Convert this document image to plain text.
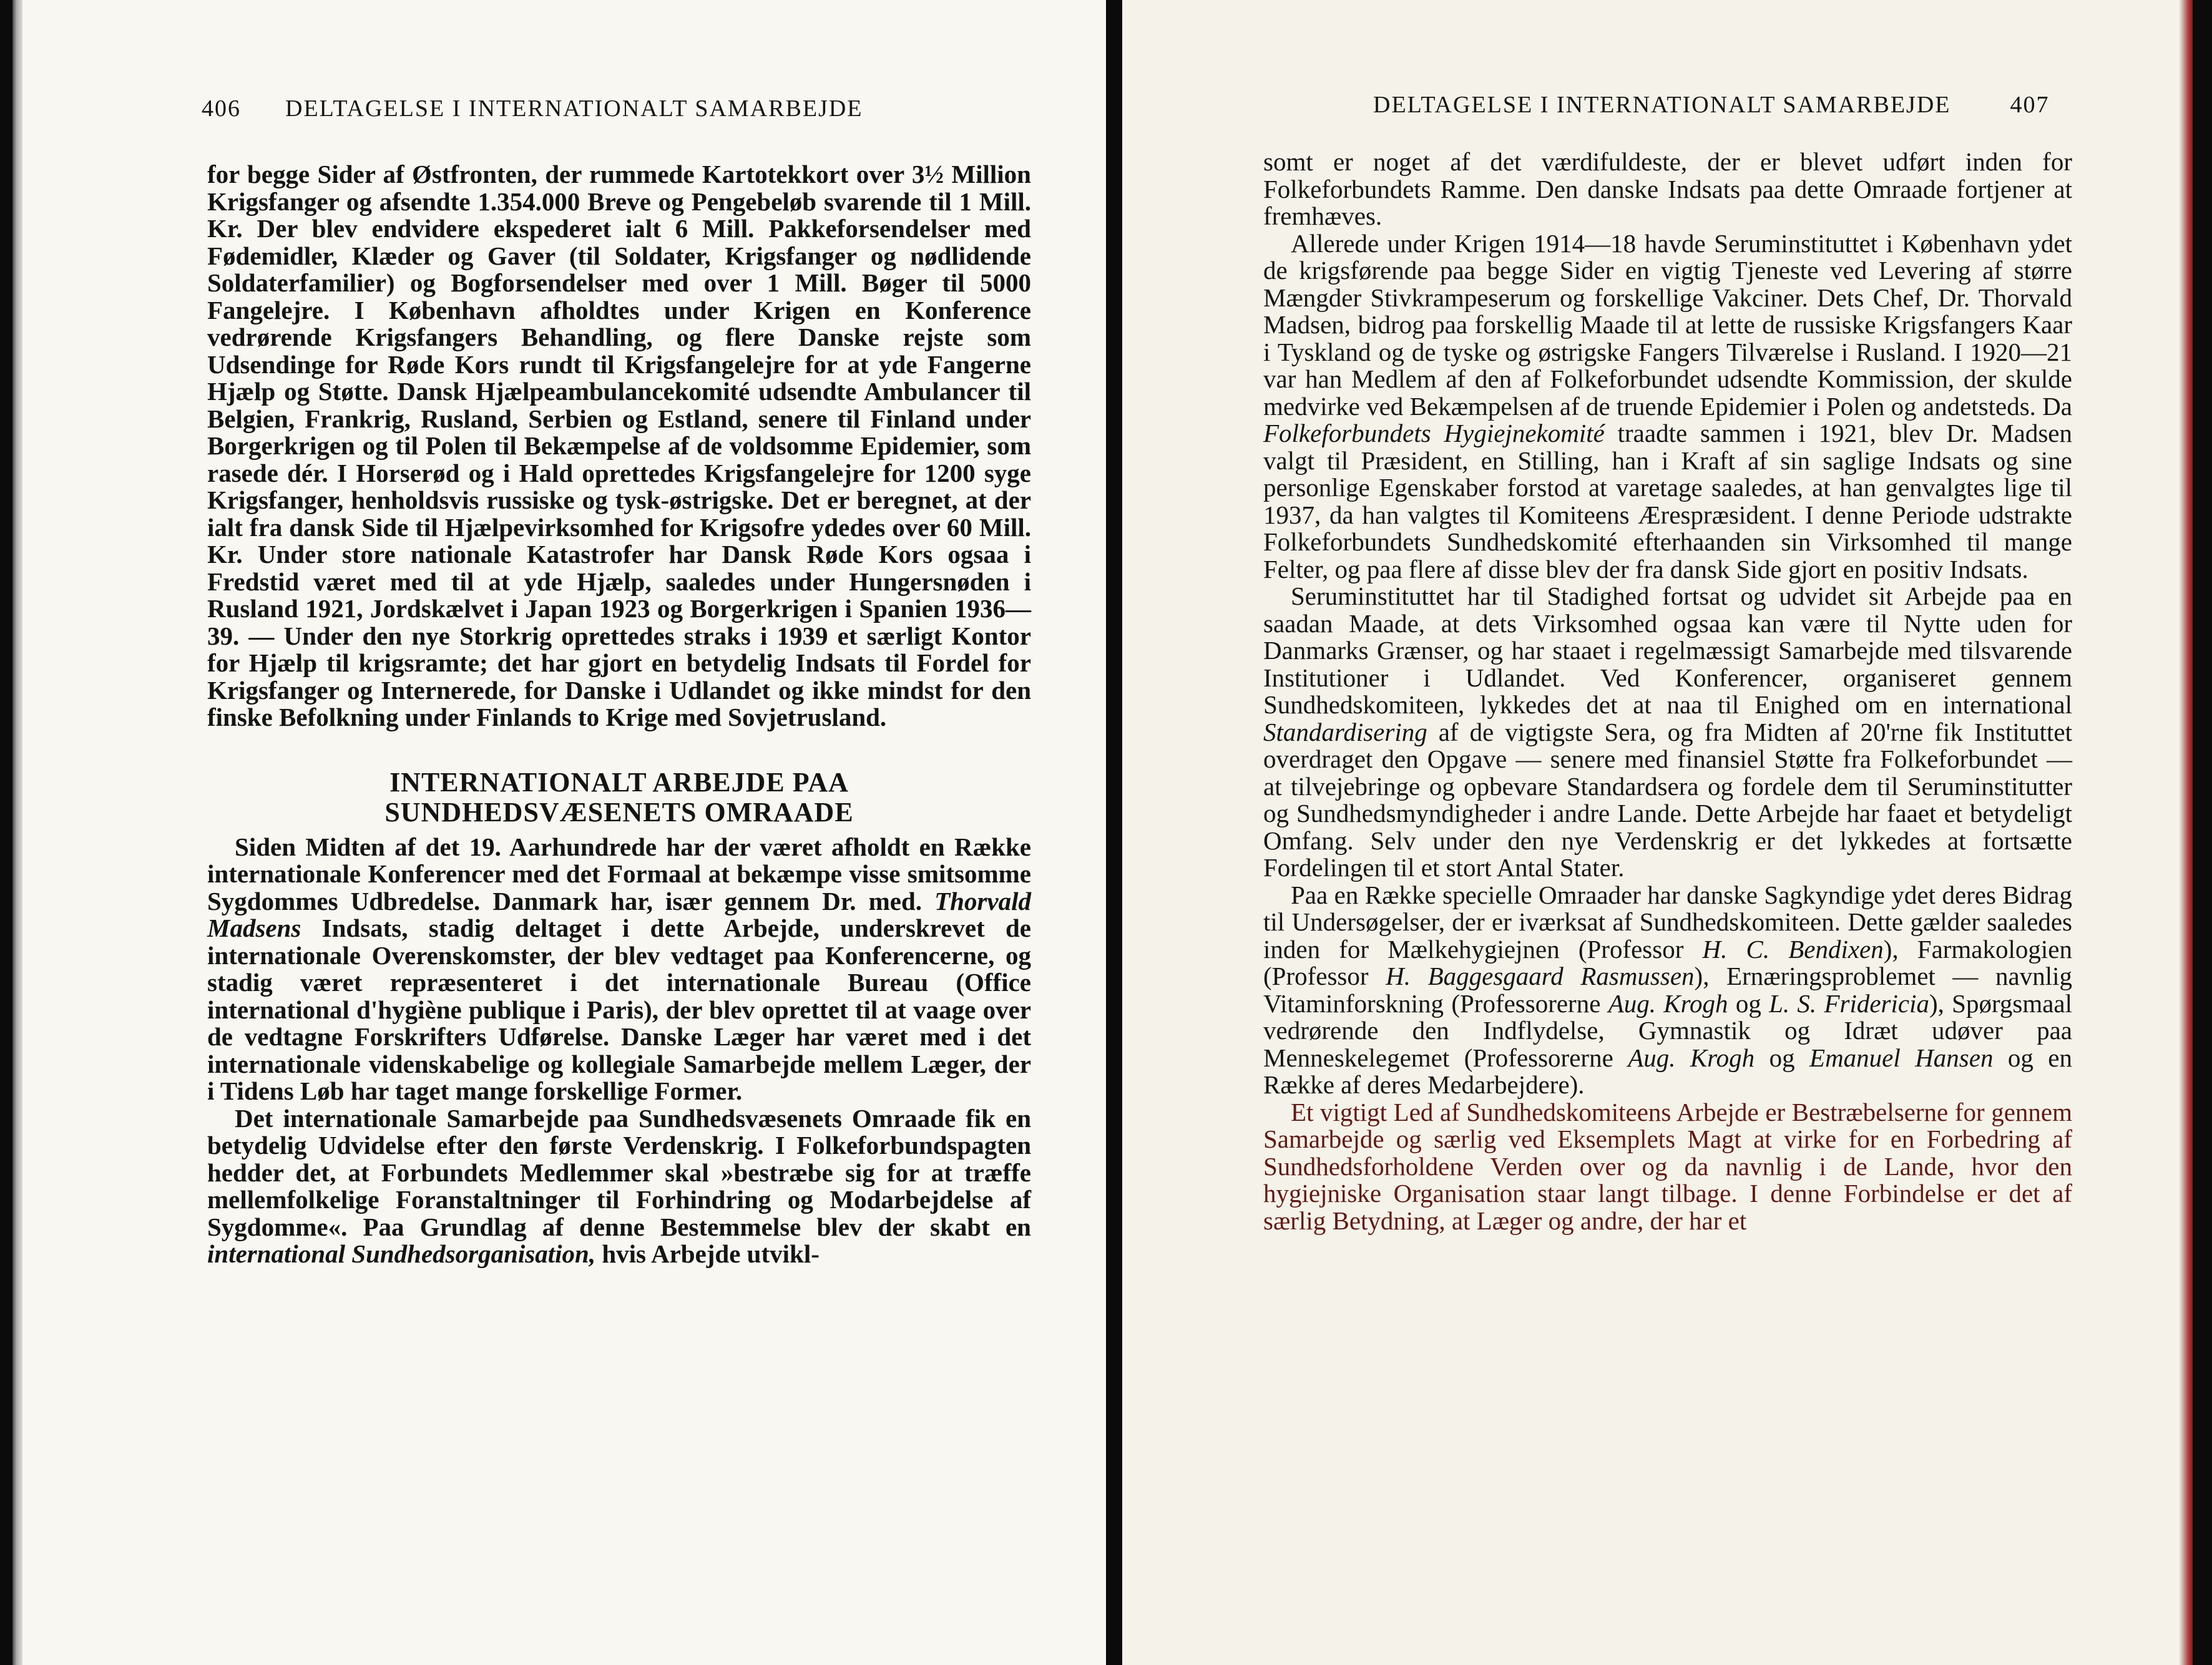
406 DELTAGELSE I INTERNATIONALT SAMARBEJDE

for begge Sider af Østfronten, der rummede Kartotekkort over 3½ Million Krigsfanger og afsendte 1.354.000 Breve og Pengebeløb svarende til 1 Mill. Kr. Der blev endvidere ekspederet ialt 6 Mill. Pakkeforsendelser med Fødemidler, Klæder og Gaver (til Soldater, Krigsfanger og nødlidende Soldaterfamilier) og Bogforsendelser med over 1 Mill. Bøger til 5000 Fangelejre. I København afholdtes under Krigen en Konference vedrørende Krigsfangers Behandling, og flere Danske rejste som Udsendinge for Røde Kors rundt til Krigsfangelejre for at yde Fangerne Hjælp og Støtte. Dansk Hjælpeambulancekomité udsendte Ambulancer til Belgien, Frankrig, Rusland, Serbien og Estland, senere til Finland under Borgerkrigen og til Polen til Bekæmpelse af de voldsomme Epidemier, som rasede dér. I Horserød og i Hald oprettedes Krigsfangelejre for 1200 syge Krigsfanger, henholdsvis russiske og tysk-østrigske. Det er beregnet, at der ialt fra dansk Side til Hjælpevirksomhed for Krigsofre ydedes over 60 Mill. Kr. Under store nationale Katastrofer har Dansk Røde Kors ogsaa i Fredstid været med til at yde Hjælp, saaledes under Hungersnøden i Rusland 1921, Jordskælvet i Japan 1923 og Borgerkrigen i Spanien 1936—39. — Under den nye Storkrig oprettedes straks i 1939 et særligt Kontor for Hjælp til krigsramte; det har gjort en betydelig Indsats til Fordel for Krigsfanger og Internerede, for Danske i Udlandet og ikke mindst for den finske Befolkning under Finlands to Krige med Sovjetrusland.

INTERNATIONALT ARBEJDE PAA SUNDHEDSVÆSENETS OMRAADE

Siden Midten af det 19. Aarhundrede har der været afholdt en Række internationale Konferencer med det Formaal at bekæmpe visse smitsomme Sygdommes Udbredelse. Danmark har, især gennem Dr. med. Thorvald Madsens Indsats, stadig deltaget i dette Arbejde, underskrevet de internationale Overenskomster, der blev vedtaget paa Konferencerne, og stadig været repræsenteret i det internationale Bureau (Office international d'hygiène publique i Paris), der blev oprettet til at vaage over de vedtagne Forskrifters Udførelse. Danske Læger har været med i det internationale videnskabelige og kollegiale Samarbejde mellem Læger, der i Tidens Løb har taget mange forskellige Former.

Det internationale Samarbejde paa Sundhedsvæsenets Omraade fik en betydelig Udvidelse efter den første Verdenskrig. I Folkeforbundspagten hedder det, at Forbundets Medlemmer skal »bestræbe sig for at træffe mellemfolkelige Foranstaltninger til Forhindring og Modarbejdelse af Sygdomme«. Paa Grundlag af denne Bestemmelse blev der skabt en international Sundhedsorganisation, hvis Arbejde utvikl-

DELTAGELSE I INTERNATIONALT SAMARBEJDE	407

somt er noget af det værdifuldeste, der er blevet udført inden for Folkeforbundets Ramme. Den danske Indsats paa dette Omraade fortjener at fremhæves.

Allerede under Krigen 1914—18 havde Seruminstituttet i København ydet de krigsførende paa begge Sider en vigtig Tjeneste ved Levering af større Mængder Stivkrampeserum og forskellige Vakciner. Dets Chef, Dr. Thorvald Madsen, bidrog paa forskellig Maade til at lette de russiske Krigsfangers Kaar i Tyskland og de tyske og østrigske Fangers Tilværelse i Rusland. I 1920—21 var han Medlem af den af Folkeforbundet udsendte Kommission, der skulde medvirke ved Bekæmpelsen af de truende Epidemier i Polen og andetsteds. Da Folkeforbundets Hygiejnekomité traadte sammen i 1921, blev Dr. Madsen valgt til Præsident, en Stilling, han i Kraft af sin saglige Indsats og sine personlige Egenskaber forstod at varetage saaledes, at han genvalgtes lige til 1937, da han valgtes til Komiteens Ærespræsident. I denne Periode udstrakte Folkeforbundets Sundhedskomité efterhaanden sin Virksomhed til mange Felter, og paa flere af disse blev der fra dansk Side gjort en positiv Indsats.

Seruminstituttet har til Stadighed fortsat og udvidet sit Arbejde paa en saadan Maade, at dets Virksomhed ogsaa kan være til Nytte uden for Danmarks Grænser, og har staaet i regelmæssigt Samarbejde med tilsvarende Institutioner i Udlandet. Ved Konferencer, organiseret gennem Sundhedskomiteen, lykkedes det at naa til Enighed om en international Standardisering af de vigtigste Sera, og fra Midten af 20'rne fik Instituttet overdraget den Opgave — senere med finansiel Støtte fra Folkeforbundet — at tilvejebringe og opbevare Standardsera og fordele dem til Seruminstitutter og Sundhedsmyndigheder i andre Lande. Dette Arbejde har faaet et betydeligt Omfang. Selv under den nye Verdenskrig er det lykkedes at fortsætte Fordelingen til et stort Antal Stater.

Paa en Række specielle Omraader har danske Sagkyndige ydet deres Bidrag til Undersøgelser, der er iværksat af Sundhedskomiteen. Dette gælder saaledes inden for Mælkehygiejnen (Professor H. C. Bendixen), Farmakologien (Professor H. Baggesgaard Rasmussen), Ernæringsproblemet — navnlig Vitaminforskning (Professorerne Aug. Krogh og L. S. Fridericia), Spørgsmaal vedrørende den Indflydelse, Gymnastik og Idræt udøver paa Menneskelegemet (Professorerne Aug. Krogh og Emanuel Hansen og en Række af deres Medarbejdere).

Et vigtigt Led af Sundhedskomiteens Arbejde er Bestræbelserne for gennem Samarbejde og særlig ved Eksemplets Magt at virke for en Forbedring af Sundhedsforholdene Verden over og da navnlig i de Lande, hvor den hygiejniske Organisation staar langt tilbage. I denne Forbindelse er det af særlig Betydning, at Læger og andre, der har et
